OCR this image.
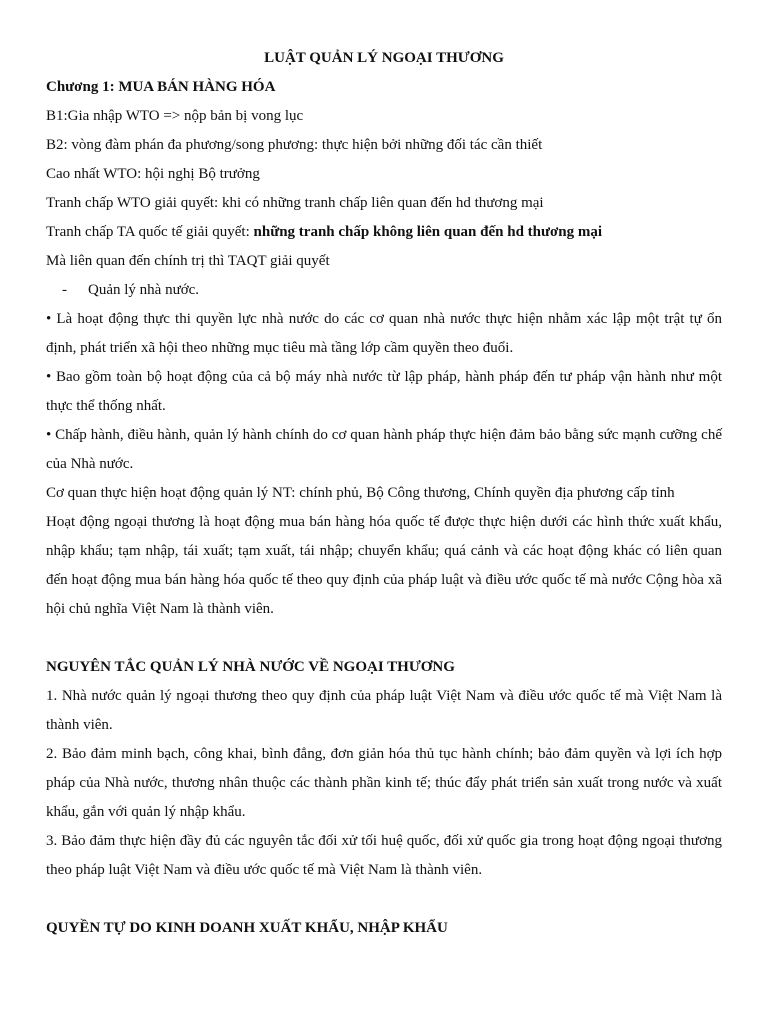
LUẬT QUẢN LÝ NGOẠI THƯƠNG
Chương 1: MUA BÁN HÀNG HÓA
B1:Gia nhập WTO => nộp bản bị vong lục
B2: vòng đàm phán đa phương/song phương: thực hiện bởi những đối tác cần thiết
Cao nhất WTO: hội nghị Bộ trưởng
Tranh chấp WTO giải quyết: khi có những tranh chấp liên quan đến hd thương mại
Tranh chấp TA quốc tế giải quyết: những tranh chấp không liên quan đến hd thương mại
Mà liên quan đến chính trị thì TAQT giải quyết
- Quản lý nhà nước.
• Là hoạt động thực thi quyền lực nhà nước do các cơ quan nhà nước thực hiện nhằm xác lập một trật tự ổn định, phát triển xã hội theo những mục tiêu mà tầng lớp cầm quyền theo đuổi.
• Bao gồm toàn bộ hoạt động của cả bộ máy nhà nước từ lập pháp, hành pháp đến tư pháp vận hành như một thực thể thống nhất.
• Chấp hành, điều hành, quản lý hành chính do cơ quan hành pháp thực hiện đảm bảo bằng sức mạnh cưỡng chế của Nhà nước.
Cơ quan thực hiện hoạt động quản lý NT: chính phủ, Bộ Công thương, Chính quyền địa phương cấp tỉnh
Hoạt động ngoại thương là hoạt động mua bán hàng hóa quốc tế được thực hiện dưới các hình thức xuất khẩu, nhập khẩu; tạm nhập, tái xuất; tạm xuất, tái nhập; chuyển khẩu; quá cảnh và các hoạt động khác có liên quan đến hoạt động mua bán hàng hóa quốc tế theo quy định của pháp luật và điều ước quốc tế mà nước Cộng hòa xã hội chủ nghĩa Việt Nam là thành viên.
NGUYÊN TẮC QUẢN LÝ NHÀ NƯỚC VỀ NGOẠI THƯƠNG
1. Nhà nước quản lý ngoại thương theo quy định của pháp luật Việt Nam và điều ước quốc tế mà Việt Nam là thành viên.
2. Bảo đảm minh bạch, công khai, bình đẳng, đơn giản hóa thủ tục hành chính; bảo đảm quyền và lợi ích hợp pháp của Nhà nước, thương nhân thuộc các thành phần kinh tế; thúc đẩy phát triển sản xuất trong nước và xuất khẩu, gắn với quản lý nhập khẩu.
3. Bảo đảm thực hiện đầy đủ các nguyên tắc đối xử tối huệ quốc, đối xử quốc gia trong hoạt động ngoại thương theo pháp luật Việt Nam và điều ước quốc tế mà Việt Nam là thành viên.
QUYỀN TỰ DO KINH DOANH XUẤT KHẨU, NHẬP KHẨU
